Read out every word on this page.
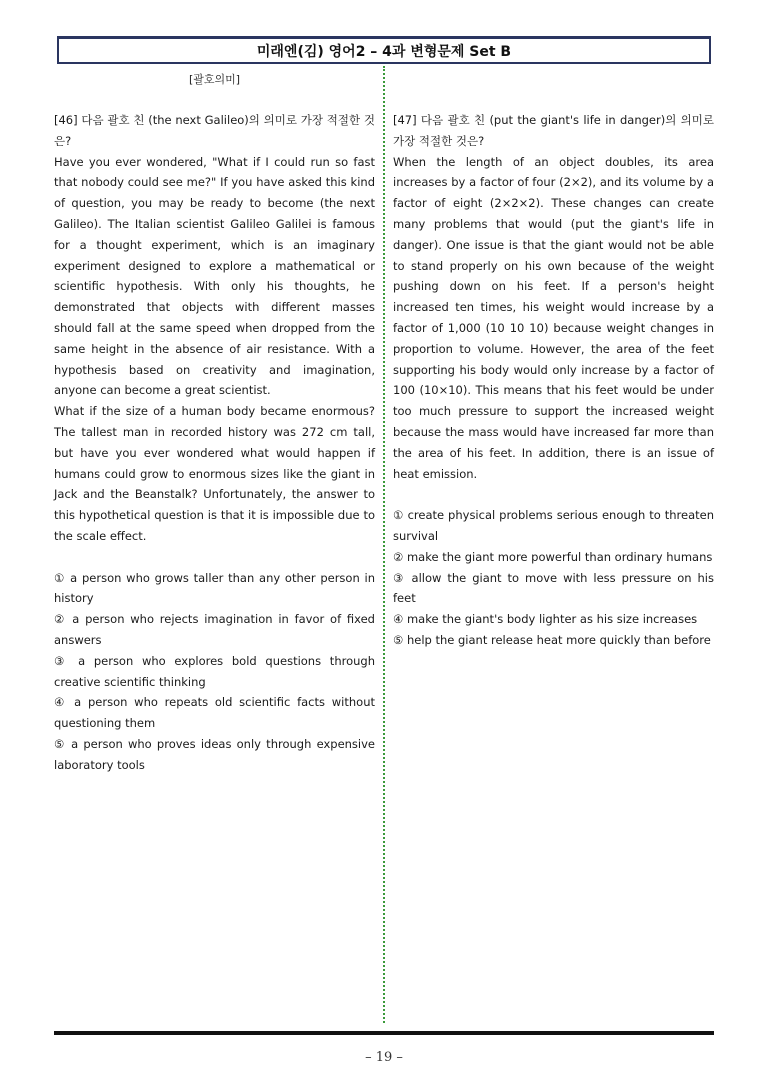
미래엔(김) 영어2 – 4과 변형문제 Set B
[괄호의미]

[46] 다음 괄호 친 (the next Galileo)의 의미로 가장 적절한 것은?

Have you ever wondered, "What if I could run so fast that nobody could see me?" If you have asked this kind of question, you may be ready to become (the next Galileo). The Italian scientist Galileo Galilei is famous for a thought experiment, which is an imaginary experiment designed to explore a mathematical or scientific hypothesis. With only his thoughts, he demonstrated that objects with different masses should fall at the same speed when dropped from the same height in the absence of air resistance. With a hypothesis based on creativity and imagination, anyone can become a great scientist.

What if the size of a human body became enormous? The tallest man in recorded history was 272 cm tall, but have you ever wondered what would happen if humans could grow to enormous sizes like the giant in Jack and the Beanstalk? Unfortunately, the answer to this hypothetical question is that it is impossible due to the scale effect.

① a person who grows taller than any other person in history

② a person who rejects imagination in favor of fixed answers

③ a person who explores bold questions through creative scientific thinking

④ a person who repeats old scientific facts without questioning them

⑤ a person who proves ideas only through expensive laboratory tools

[47] 다음 괄호 친 (put the giant's life in danger)의 의미로 가장 적절한 것은?

When the length of an object doubles, its area increases by a factor of four (2×2), and its volume by a factor of eight (2×2×2). These changes can create many problems that would (put the giant's life in danger). One issue is that the giant would not be able to stand properly on his own because of the weight pushing down on his feet. If a person's height increased ten times, his weight would increase by a factor of 1,000 (10 10 10) because weight changes in proportion to volume. However, the area of the feet supporting his body would only increase by a factor of 100 (10×10). This means that his feet would be under too much pressure to support the increased weight because the mass would have increased far more than the area of his feet. In addition, there is an issue of heat emission.

① create physical problems serious enough to threaten survival

② make the giant more powerful than ordinary humans

③ allow the giant to move with less pressure on his feet

④ make the giant's body lighter as his size increases

⑤ help the giant release heat more quickly than before

– 19 –
